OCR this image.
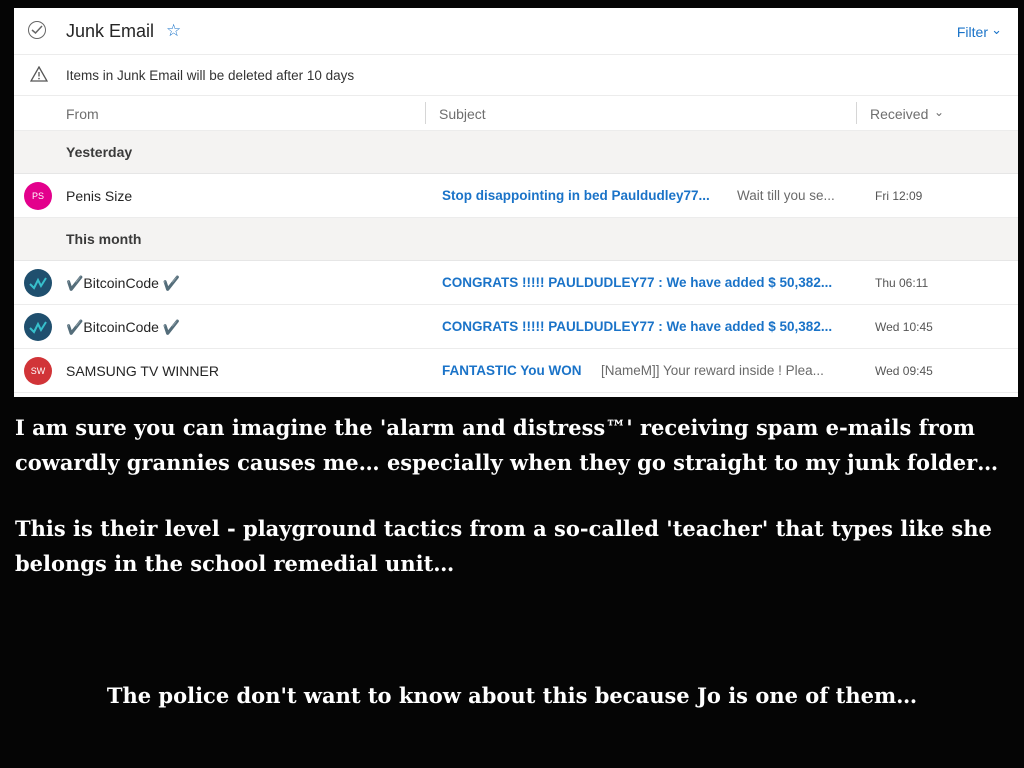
Junk Email ☆	Filter ⌄
Items in Junk Email will be deleted after 10 days
From	Subject	Received ⌄
Yesterday
PS	Penis Size	Stop disappointing in bed Pauldudley77... Wait till you se...	Fri 12:09
This month
✔️BitcoinCode ✔️	CONGRATS !!!!! PAULDUDLEY77 : We have added $ 50,382...	Thu 06:11
✔️BitcoinCode ✔️	CONGRATS !!!!! PAULDUDLEY77 : We have added $ 50,382...	Wed 10:45
SW	SAMSUNG TV WINNER	FANTASTIC You WON [NameM]] Your reward inside ! Plea...	Wed 09:45
I am sure you can imagine the 'alarm and distress™' receiving spam e-mails from
cowardly grannies causes me… especially when they go straight to my junk folder…
This is their level - playground tactics from a so-called 'teacher' that types like she
belongs in the school remedial unit…
The police don't want to know about this because Jo is one of them…
